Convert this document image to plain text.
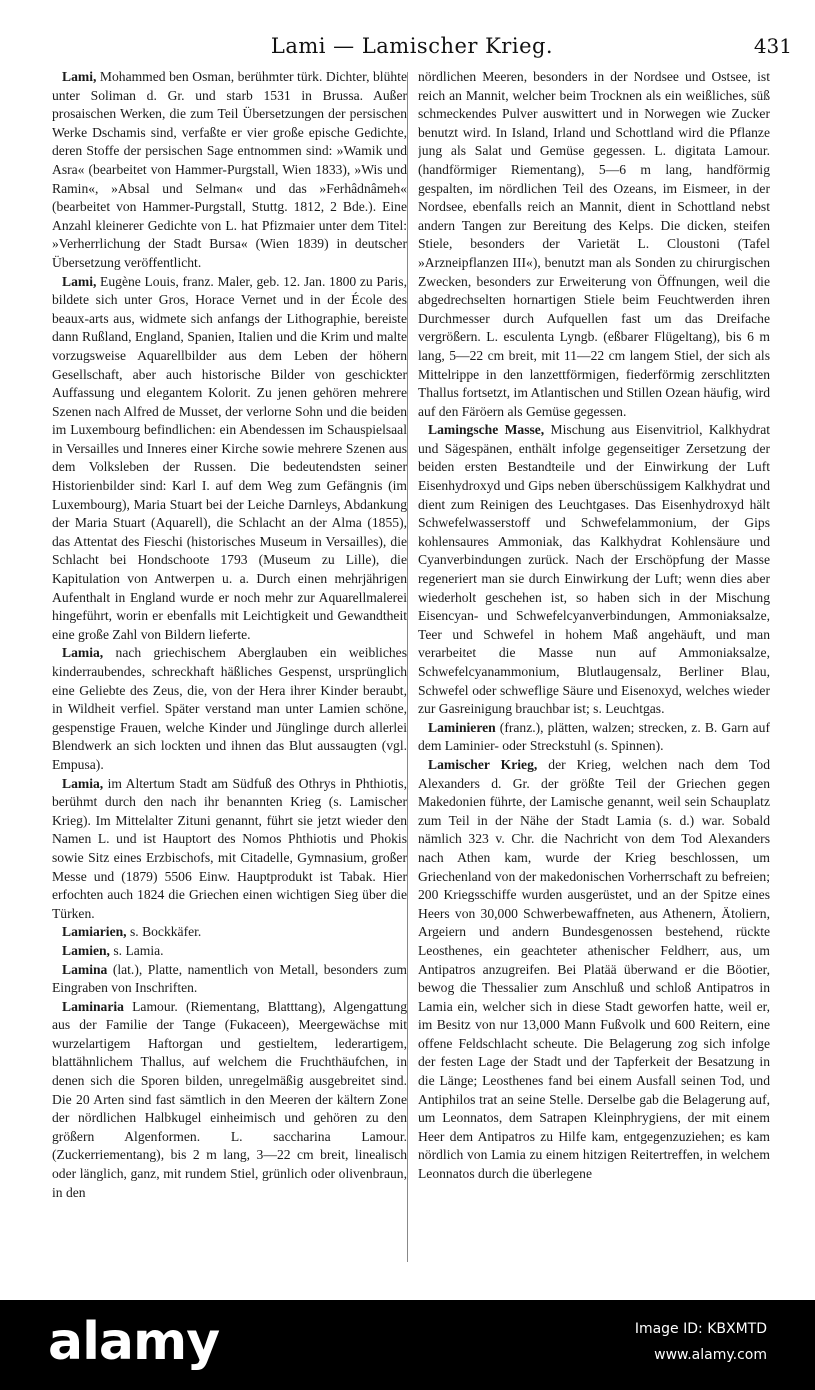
Lami — Lamischer Krieg.	431

Lami, Mohammed ben Osman, berühmter türk. Dichter, blühte unter Soliman d. Gr. und starb 1531 in Brussa. Außer prosaischen Werken, die zum Teil Übersetzungen der persischen Werke Dschamis sind, verfaßte er vier große epische Gedichte, deren Stoffe der persischen Sage entnommen sind: »Wamik und Asra« (bearbeitet von Hammer-Purgstall, Wien 1833), »Wis und Ramin«, »Absal und Selman« und das »Ferhâdnâmeh« (bearbeitet von Hammer-Purgstall, Stuttg. 1812, 2 Bde.). Eine Anzahl kleinerer Gedichte von L. hat Pfizmaier unter dem Titel: »Verherrlichung der Stadt Bursa« (Wien 1839) in deutscher Übersetzung veröffentlicht.

Lami, Eugène Louis, franz. Maler, geb. 12. Jan. 1800 zu Paris, bildete sich unter Gros, Horace Vernet und in der École des beaux-arts aus, widmete sich anfangs der Lithographie, bereiste dann Rußland, England, Spanien, Italien und die Krim und malte vorzugsweise Aquarellbilder aus dem Leben der höhern Gesellschaft, aber auch historische Bilder von geschickter Auffassung und elegantem Kolorit. Zu jenen gehören mehrere Szenen nach Alfred de Musset, der verlorne Sohn und die beiden im Luxembourg befindlichen: ein Abendessen im Schauspielsaal in Versailles und Inneres einer Kirche sowie mehrere Szenen aus dem Volksleben der Russen. Die bedeutendsten seiner Historienbilder sind: Karl I. auf dem Weg zum Gefängnis (im Luxembourg), Maria Stuart bei der Leiche Darnleys, Abdankung der Maria Stuart (Aquarell), die Schlacht an der Alma (1855), das Attentat des Fieschi (historisches Museum in Versailles), die Schlacht bei Hondschoote 1793 (Museum zu Lille), die Kapitulation von Antwerpen u. a. Durch einen mehrjährigen Aufenthalt in England wurde er noch mehr zur Aquarellmalerei hingeführt, worin er ebenfalls mit Leichtigkeit und Gewandtheit eine große Zahl von Bildern lieferte.

Lamia, nach griechischem Aberglauben ein weibliches kinderraubendes, schreckhaft häßliches Gespenst, ursprünglich eine Geliebte des Zeus, die, von der Hera ihrer Kinder beraubt, in Wildheit verfiel. Später verstand man unter Lamien schöne, gespenstige Frauen, welche Kinder und Jünglinge durch allerlei Blendwerk an sich lockten und ihnen das Blut aussaugten (vgl. Empusa).

Lamia, im Altertum Stadt am Südfuß des Othrys in Phthiotis, berühmt durch den nach ihr benannten Krieg (s. Lamischer Krieg). Im Mittelalter Zituni genannt, führt sie jetzt wieder den Namen L. und ist Hauptort des Nomos Phthiotis und Phokis sowie Sitz eines Erzbischofs, mit Citadelle, Gymnasium, großer Messe und (1879) 5506 Einw. Hauptprodukt ist Tabak. Hier erfochten auch 1824 die Griechen einen wichtigen Sieg über die Türken.

Lamiarien, s. Bockkäfer.

Lamien, s. Lamia.

Lamina (lat.), Platte, namentlich von Metall, besonders zum Eingraben von Inschriften.

Laminaria Lamour. (Riementang, Blatttang), Algengattung aus der Familie der Tange (Fukaceen), Meergewächse mit wurzelartigem Haftorgan und gestieltem, lederartigem, blattähnlichem Thallus, auf welchem die Fruchthäufchen, in denen sich die Sporen bilden, unregelmäßig ausgebreitet sind. Die 20 Arten sind fast sämtlich in den Meeren der kältern Zone der nördlichen Halbkugel einheimisch und gehören zu den größern Algenformen. L. saccharina Lamour. (Zuckerriementang), bis 2 m lang, 3—22 cm breit, linealisch oder länglich, ganz, mit rundem Stiel, grünlich oder olivenbraun, in den

nördlichen Meeren, besonders in der Nordsee und Ostsee, ist reich an Mannit, welcher beim Trocknen als ein weißliches, süß schmeckendes Pulver auswittert und in Norwegen wie Zucker benutzt wird. In Island, Irland und Schottland wird die Pflanze jung als Salat und Gemüse gegessen. L. digitata Lamour. (handförmiger Riementang), 5—6 m lang, handförmig gespalten, im nördlichen Teil des Ozeans, im Eismeer, in der Nordsee, ebenfalls reich an Mannit, dient in Schottland nebst andern Tangen zur Bereitung des Kelps. Die dicken, steifen Stiele, besonders der Varietät L. Cloustoni (Tafel »Arzneipflanzen III«), benutzt man als Sonden zu chirurgischen Zwecken, besonders zur Erweiterung von Öffnungen, weil die abgedrechselten hornartigen Stiele beim Feuchtwerden ihren Durchmesser durch Aufquellen fast um das Dreifache vergrößern. L. esculenta Lyngb. (eßbarer Flügeltang), bis 6 m lang, 5—22 cm breit, mit 11—22 cm langem Stiel, der sich als Mittelrippe in den lanzettförmigen, fiederförmig zerschlitzten Thallus fortsetzt, im Atlantischen und Stillen Ozean häufig, wird auf den Färöern als Gemüse gegessen.

Lamingsche Masse, Mischung aus Eisenvitriol, Kalkhydrat und Sägespänen, enthält infolge gegenseitiger Zersetzung der beiden ersten Bestandteile und der Einwirkung der Luft Eisenhydroxyd und Gips neben überschüssigem Kalkhydrat und dient zum Reinigen des Leuchtgases. Das Eisenhydroxyd hält Schwefelwasserstoff und Schwefelammonium, der Gips kohlensaures Ammoniak, das Kalkhydrat Kohlensäure und Cyanverbindungen zurück. Nach der Erschöpfung der Masse regeneriert man sie durch Einwirkung der Luft; wenn dies aber wiederholt geschehen ist, so haben sich in der Mischung Eisencyan- und Schwefelcyanverbindungen, Ammoniaksalze, Teer und Schwefel in hohem Maß angehäuft, und man verarbeitet die Masse nun auf Ammoniaksalze, Schwefelcyanammonium, Blutlaugensalz, Berliner Blau, Schwefel oder schweflige Säure und Eisenoxyd, welches wieder zur Gasreinigung brauchbar ist; s. Leuchtgas.

Laminieren (franz.), plätten, walzen; strecken, z. B. Garn auf dem Laminier- oder Streckstuhl (s. Spinnen).

Lamischer Krieg, der Krieg, welchen nach dem Tod Alexanders d. Gr. der größte Teil der Griechen gegen Makedonien führte, der Lamische genannt, weil sein Schauplatz zum Teil in der Nähe der Stadt Lamia (s. d.) war. Sobald nämlich 323 v. Chr. die Nachricht von dem Tod Alexanders nach Athen kam, wurde der Krieg beschlossen, um Griechenland von der makedonischen Vorherrschaft zu befreien; 200 Kriegsschiffe wurden ausgerüstet, und an der Spitze eines Heers von 30,000 Schwerbewaffneten, aus Athenern, Ätoliern, Argeiern und andern Bundesgenossen bestehend, rückte Leosthenes, ein geachteter athenischer Feldherr, aus, um Antipatros anzugreifen. Bei Platää überwand er die Böotier, bewog die Thessalier zum Anschluß und schloß Antipatros in Lamia ein, welcher sich in diese Stadt geworfen hatte, weil er, im Besitz von nur 13,000 Mann Fußvolk und 600 Reitern, eine offene Feldschlacht scheute. Die Belagerung zog sich infolge der festen Lage der Stadt und der Tapferkeit der Besatzung in die Länge; Leosthenes fand bei einem Ausfall seinen Tod, und Antiphilos trat an seine Stelle. Derselbe gab die Belagerung auf, um Leonnatos, dem Satrapen Kleinphrygiens, der mit einem Heer dem Antipatros zu Hilfe kam, entgegenzuziehen; es kam nördlich von Lamia zu einem hitzigen Reitertreffen, in welchem Leonnatos durch die überlegene

alamy	Image ID: KBXMTD
www.alamy.com
